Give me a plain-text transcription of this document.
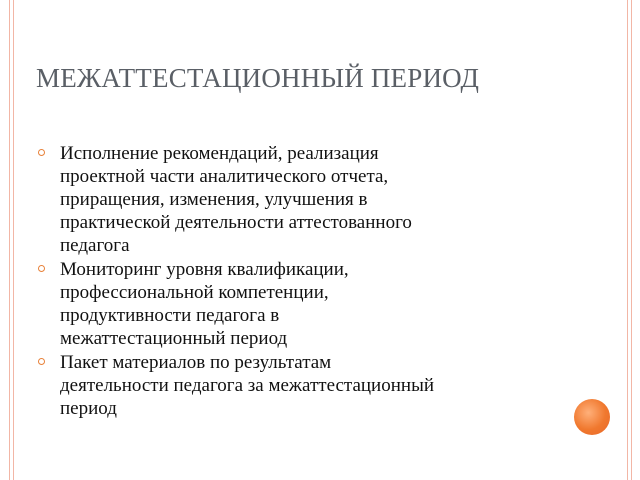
МЕЖАТТЕСТАЦИОННЫЙ ПЕРИОД
Исполнение рекомендаций, реализация
проектной части аналитического отчета,
приращения, изменения, улучшения в
практической деятельности аттестованного
педагога
Мониторинг уровня квалификации,
профессиональной компетенции,
продуктивности педагога в
межаттестационный период
Пакет материалов по результатам
деятельности педагога за межаттестационный
период
